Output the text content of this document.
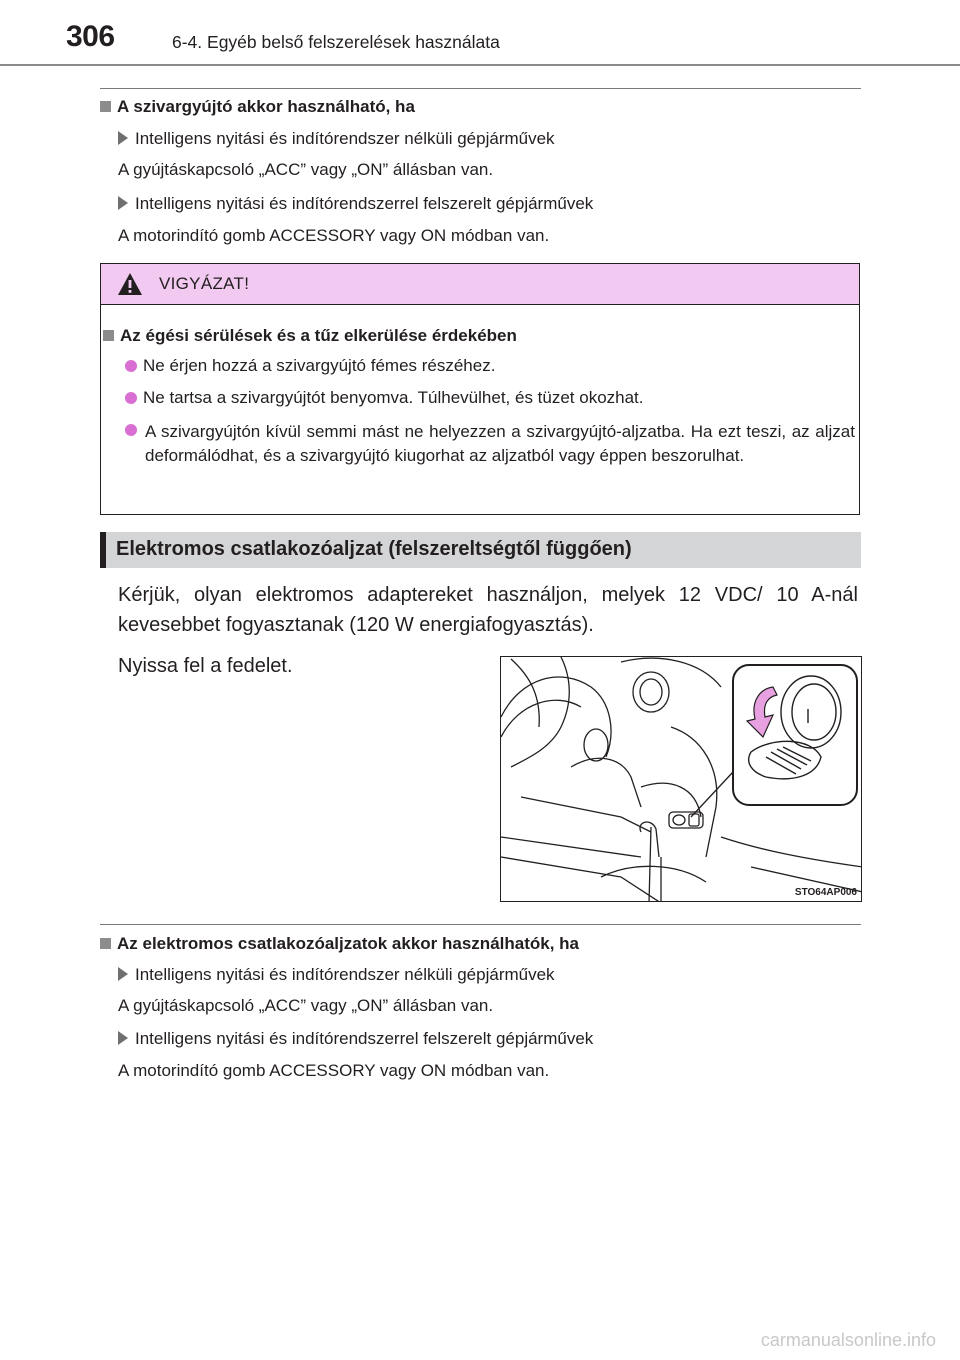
306	6-4. Egyéb belső felszerelések használata
A szivargyújtó akkor használható, ha
Intelligens nyitási és indítórendszer nélküli gépjárművek
A gyújtáskapcsoló „ACC” vagy „ON” állásban van.
Intelligens nyitási és indítórendszerrel felszerelt gépjárművek
A motorindító gomb ACCESSORY vagy ON módban van.
VIGYÁZAT!
Az égési sérülések és a tűz elkerülése érdekében
Ne érjen hozzá a szivargyújtó fémes részéhez.
Ne tartsa a szivargyújtót benyomva. Túlhevülhet, és tüzet okozhat.
A szivargyújtón kívül semmi mást ne helyezzen a szivargyújtó-aljzatba. Ha ezt teszi, az aljzat deformálódhat, és a szivargyújtó kiugorhat az aljzatból vagy éppen beszorulhat.
Elektromos csatlakozóaljzat (felszereltségtől függően)
Kérjük, olyan elektromos adaptereket használjon, melyek 12 VDC/ 10 A-nál kevesebbet fogyasztanak (120 W energiafogyasztás).
Nyissa fel a fedelet.
STO64AP006
Az elektromos csatlakozóaljzatok akkor használhatók, ha
Intelligens nyitási és indítórendszer nélküli gépjárművek
A gyújtáskapcsoló „ACC” vagy „ON” állásban van.
Intelligens nyitási és indítórendszerrel felszerelt gépjárművek
A motorindító gomb ACCESSORY vagy ON módban van.
carmanualsonline.info
